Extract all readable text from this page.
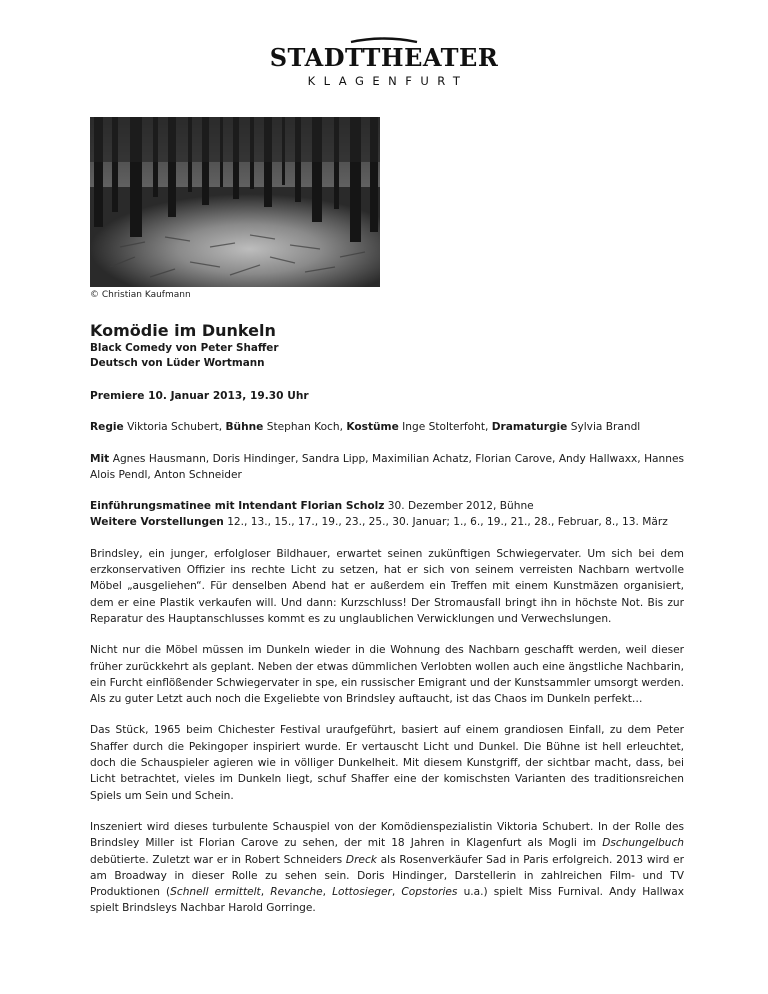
STADTTHEATER
KLAGENFURT
© Christian Kaufmann
Komödie im Dunkeln
Black Comedy von Peter Shaffer
Deutsch von Lüder Wortmann
Premiere 10. Januar 2013, 19.30 Uhr

Regie Viktoria Schubert, Bühne Stephan Koch, Kostüme Inge Stolterfoht, Dramaturgie Sylvia Brandl

Mit Agnes Hausmann, Doris Hindinger, Sandra Lipp, Maximilian Achatz, Florian Carove, Andy Hallwaxx, Hannes Alois Pendl, Anton Schneider

Einführungsmatinee mit Intendant Florian Scholz 30. Dezember 2012, Bühne
Weitere Vorstellungen 12., 13., 15., 17., 19., 23., 25., 30. Januar; 1., 6., 19., 21., 28., Februar, 8., 13. März

Brindsley, ein junger, erfolgloser Bildhauer, erwartet seinen zukünftigen Schwiegervater. Um sich bei dem erzkonservativen Offizier ins rechte Licht zu setzen, hat er sich von seinem verreisten Nachbarn wertvolle Möbel „ausgeliehen“. Für denselben Abend hat er außerdem ein Treffen mit einem Kunstmäzen organisiert, dem er eine Plastik verkaufen will. Und dann: Kurzschluss! Der Stromausfall bringt ihn in höchste Not. Bis zur Reparatur des Hauptanschlusses kommt es zu unglaublichen Verwicklungen und Verwechslungen.

Nicht nur die Möbel müssen im Dunkeln wieder in die Wohnung des Nachbarn geschafft werden, weil dieser früher zurückkehrt als geplant. Neben der etwas dümmlichen Verlobten wollen auch eine ängstliche Nachbarin, ein Furcht einflößender Schwiegervater in spe, ein russischer Emigrant und der Kunstsammler umsorgt werden. Als zu guter Letzt auch noch die Exgeliebte von Brindsley auftaucht, ist das Chaos im Dunkeln perfekt…

Das Stück, 1965 beim Chichester Festival uraufgeführt, basiert auf einem grandiosen Einfall, zu dem Peter Shaffer durch die Pekingoper inspiriert wurde. Er vertauscht Licht und Dunkel. Die Bühne ist hell erleuchtet, doch die Schauspieler agieren wie in völliger Dunkelheit. Mit diesem Kunstgriff, der sichtbar macht, dass, bei Licht betrachtet, vieles im Dunkeln liegt, schuf Shaffer eine der komischsten Varianten des traditionsreichen Spiels um Sein und Schein.

Inszeniert wird dieses turbulente Schauspiel von der Komödienspezialistin Viktoria Schubert. In der Rolle des Brindsley Miller ist Florian Carove zu sehen, der mit 18 Jahren in Klagenfurt als Mogli im Dschungelbuch debütierte. Zuletzt war er in Robert Schneiders Dreck als Rosenverkäufer Sad in Paris erfolgreich. 2013 wird er am Broadway in dieser Rolle zu sehen sein. Doris Hindinger, Darstellerin in zahlreichen Film- und TV Produktionen (Schnell ermittelt, Revanche, Lottosieger, Copstories u.a.) spielt Miss Furnival. Andy Hallwax spielt Brindsleys Nachbar Harold Gorringe.
